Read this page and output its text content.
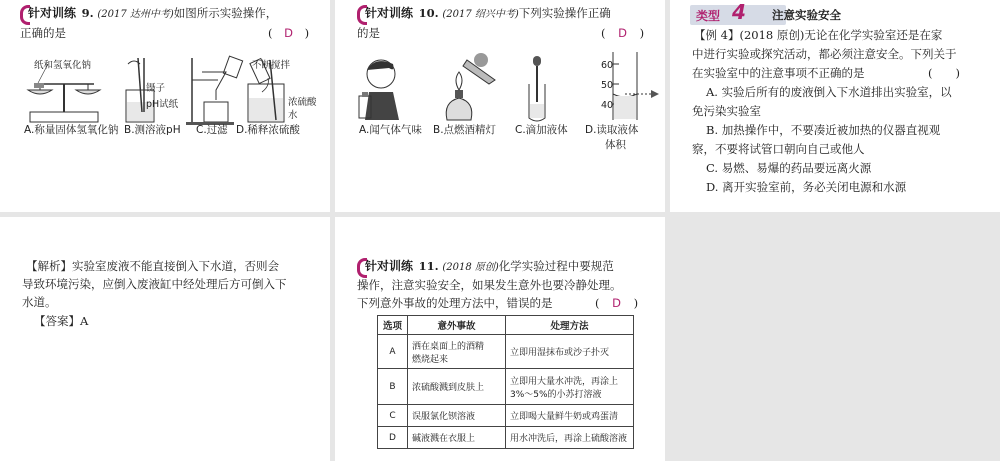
针对训练 9. (2017 达州中考)如图所示实验操作，
正确的是	( D )
纸和氢氧化钠
镊子
pH试纸
不断搅拌
浓硫酸
水
A.称量固体氢氧化钠 B.测溶液pH C.过滤 D.稀释浓硫酸
针对训练 10. (2017 绍兴中考)下列实验操作正确
的是	( D )
60
50
40
A.闻气体气味 B.点燃酒精灯 C.滴加液体 D.读取液体
体积
类型 4 注意实验安全
【例 4】(2018 原创)无论在化学实验室还是在家
中进行实验或探究活动，都必须注意安全。下列关于
在实验室中的注意事项不正确的是	(　　)
A. 实验后所有的废液倒入下水道排出实验室，以
免污染实验室
B. 加热操作中，不要凑近被加热的仪器直视观
察，不要将试管口朝向自己或他人
C. 易燃、易爆的药品要远离火源
D. 离开实验室前，务必关闭电源和水源
【解析】实验室废液不能直接倒入下水道，否则会
导致环境污染，应倒入废液缸中经处理后方可倒入下
水道。
【答案】A
针对训练 11. (2018 原创)化学实验过程中要规范
操作，注意实验安全，如果发生意外也要冷静处理。
下列意外事故的处理方法中，错误的是	( D )
选项	意外事故	处理方法
A	洒在桌面上的酒精
燃烧起来	立即用湿抹布或沙子扑灭
B	浓硫酸溅到皮肤上	立即用大量水冲洗，再涂上
3%～5%的小苏打溶液
C	误服氯化钡溶液	立即喝大量鲜牛奶或鸡蛋清
D	碱液溅在衣服上	用水冲洗后，再涂上硫酸溶液
